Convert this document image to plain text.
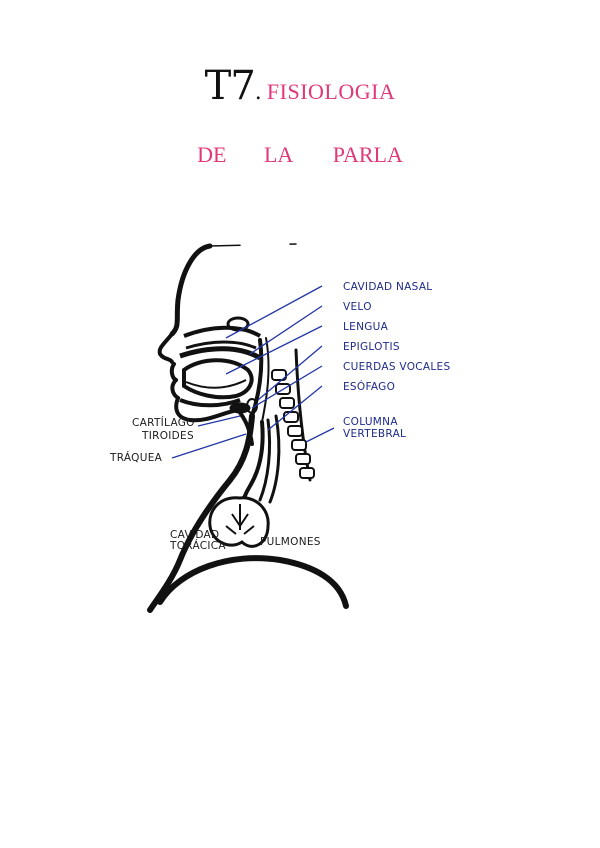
T7. FISIOLOGIA
DE LA PARLA
CAVIDAD NASAL
VELO
LENGUA
EPIGLOTIS
CUERDAS VOCALES
ESÓFAGO
COLUMNA
VERTEBRAL
CARTÍLAGO
TIROIDES
TRÁQUEA
CAVIDAD
TORÁCICA	PULMONES
